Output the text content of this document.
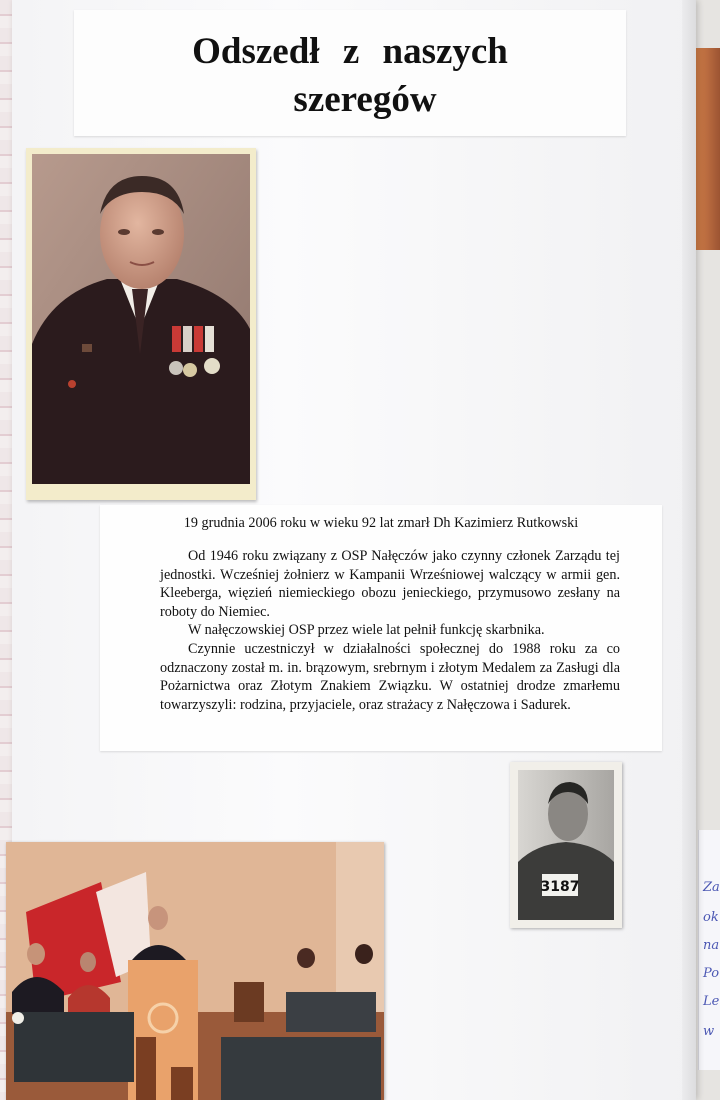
Za
ok
na
Po
Le
w
Odszedł z naszych
szeregów
19 grudnia 2006 roku w wieku 92 lat zmarł Dh Kazimierz Rutkowski

Od 1946 roku związany z OSP Nałęczów jako czynny członek Zarządu tej jednostki. Wcześniej żołnierz w Kampanii Wrześniowej walczący w armii gen. Kleeberga, więzień niemieckiego obozu jenieckiego, przymusowo zesłany na roboty do Niemiec.

W nałęczowskiej OSP przez wiele lat pełnił funkcję skarbnika.

Czynnie uczestniczył w działalności społecznej do 1988 roku za co odznaczony został m. in. brązowym, srebrnym i złotym Medalem za Zasługi dla Pożarnictwa oraz Złotym Znakiem Związku. W ostatniej drodze zmarłemu towarzyszyli: rodzina, przyjaciele, oraz strażacy z Nałęczowa i Sadurek.

3187
